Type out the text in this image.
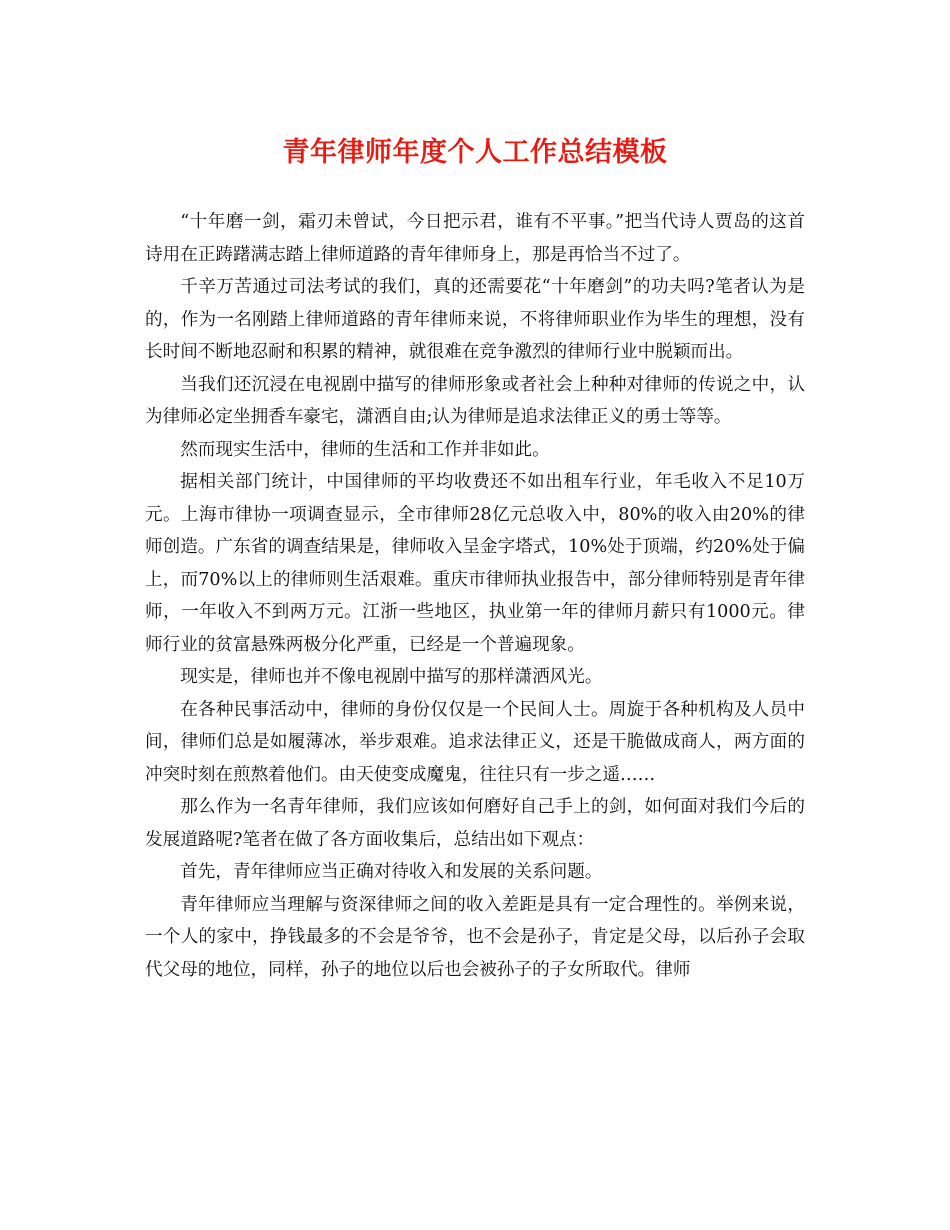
青年律师年度个人工作总结模板

“十年磨一剑，霜刃未曾试，今日把示君，谁有不平事。”把当代诗人贾岛的这首诗用在正踌躇满志踏上律师道路的青年律师身上，那是再恰当不过了。

千辛万苦通过司法考试的我们，真的还需要花“十年磨剑”的功夫吗?笔者认为是的，作为一名刚踏上律师道路的青年律师来说，不将律师职业作为毕生的理想，没有长时间不断地忍耐和积累的精神，就很难在竞争激烈的律师行业中脱颖而出。

当我们还沉浸在电视剧中描写的律师形象或者社会上种种对律师的传说之中，认为律师必定坐拥香车豪宅，潇洒自由;认为律师是追求法律正义的勇士等等。

然而现实生活中，律师的生活和工作并非如此。

据相关部门统计，中国律师的平均收费还不如出租车行业，年毛收入不足10万元。上海市律协一项调查显示，全市律师28亿元总收入中，80%的收入由20%的律师创造。广东省的调查结果是，律师收入呈金字塔式，10%处于顶端，约20%处于偏上，而70%以上的律师则生活艰难。重庆市律师执业报告中，部分律师特别是青年律师，一年收入不到两万元。江浙一些地区，执业第一年的律师月薪只有1000元。律师行业的贫富悬殊两极分化严重，已经是一个普遍现象。

现实是，律师也并不像电视剧中描写的那样潇洒风光。

在各种民事活动中，律师的身份仅仅是一个民间人士。周旋于各种机构及人员中间，律师们总是如履薄冰，举步艰难。追求法律正义，还是干脆做成商人，两方面的冲突时刻在煎熬着他们。由天使变成魔鬼，往往只有一步之遥……

那么作为一名青年律师，我们应该如何磨好自己手上的剑，如何面对我们今后的发展道路呢?笔者在做了各方面收集后，总结出如下观点：

首先，青年律师应当正确对待收入和发展的关系问题。

青年律师应当理解与资深律师之间的收入差距是具有一定合理性的。举例来说，一个人的家中，挣钱最多的不会是爷爷，也不会是孙子，肯定是父母，以后孙子会取代父母的地位，同样，孙子的地位以后也会被孙子的子女所取代。律师
